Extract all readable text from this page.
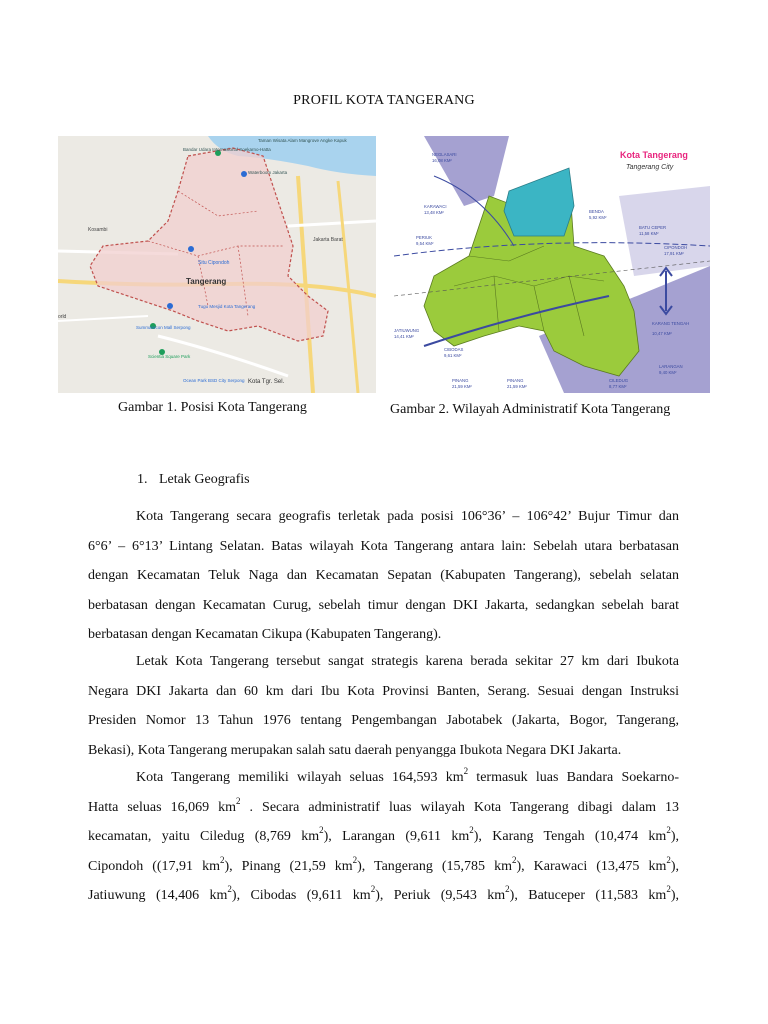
PROFIL KOTA TANGERANG
Bandar Udara Internasional Soekarno-Hatta
Taman Wisata Alam Mangrove Angke Kapuk
Waterboom Jakarta
Kosambi
Jakarta Barat
Situ Cipondoh
Tangerang
Tugu Mesjid Kota Tangerang
Summarecon Mall Serpong
Scientia Square Park
Ocean Park BSD City Serpong Kota Tgr. Sel.
orld
Kota Tangerang
Tangerang City
NEGLASARI
16,08 KM²
KARAWACI
13,48 KM²
PERIUK
9,54 KM²
JATIUWUNG
14,41 KM²
CIBODAS
9,61 KM²
PINANG
21,59 KM²
PINANG
21,59 KM²
BENDA
5,92 KM²
BATU CEPER
11,58 KM²
CIPONDOH
17,91 KM²
KARANG TENGAH
10,47 KM²
LARANGAN
9,40 KM²
CILEDUG
8,77 KM²
Gambar 1. Posisi Kota Tangerang	Gambar 2. Wilayah Administratif Kota Tangerang
1. Letak Geografis
Kota Tangerang secara geografis terletak pada posisi 106°36’ – 106°42’ Bujur Timur dan
6°6’ – 6°13’ Lintang Selatan. Batas wilayah Kota Tangerang antara lain: Sebelah utara berbatasan
dengan Kecamatan Teluk Naga dan Kecamatan Sepatan (Kabupaten Tangerang), sebelah selatan
berbatasan dengan Kecamatan Curug, sebelah timur dengan DKI Jakarta, sedangkan sebelah barat
berbatasan dengan Kecamatan Cikupa (Kabupaten Tangerang).
Letak Kota Tangerang tersebut sangat strategis karena berada sekitar 27 km dari Ibukota
Negara DKI Jakarta dan 60 km dari Ibu Kota Provinsi Banten, Serang. Sesuai dengan Instruksi
Presiden Nomor 13 Tahun 1976 tentang Pengembangan Jabotabek (Jakarta, Bogor, Tangerang,
Bekasi), Kota Tangerang merupakan salah satu daerah penyangga Ibukota Negara DKI Jakarta.
Kota Tangerang memiliki wilayah seluas 164,593 $km^2$ termasuk luas Bandara Soekarno-
Hatta seluas 16,069 $km^2$ . Secara administratif luas wilayah Kota Tangerang dibagi dalam 13
kecamatan, yaitu Ciledug (8,769 $km^2$), Larangan (9,611 $km^2$), Karang Tengah (10,474 $km^2$),
Cipondoh ((17,91 $km^2$), Pinang (21,59 $km^2$), Tangerang (15,785 $km^2$), Karawaci (13,475 $km^2$),
Jatiuwung (14,406 $km^2$), Cibodas (9,611 $km^2$), Periuk (9,543 $km^2$), Batuceper (11,583 $km^2$),
